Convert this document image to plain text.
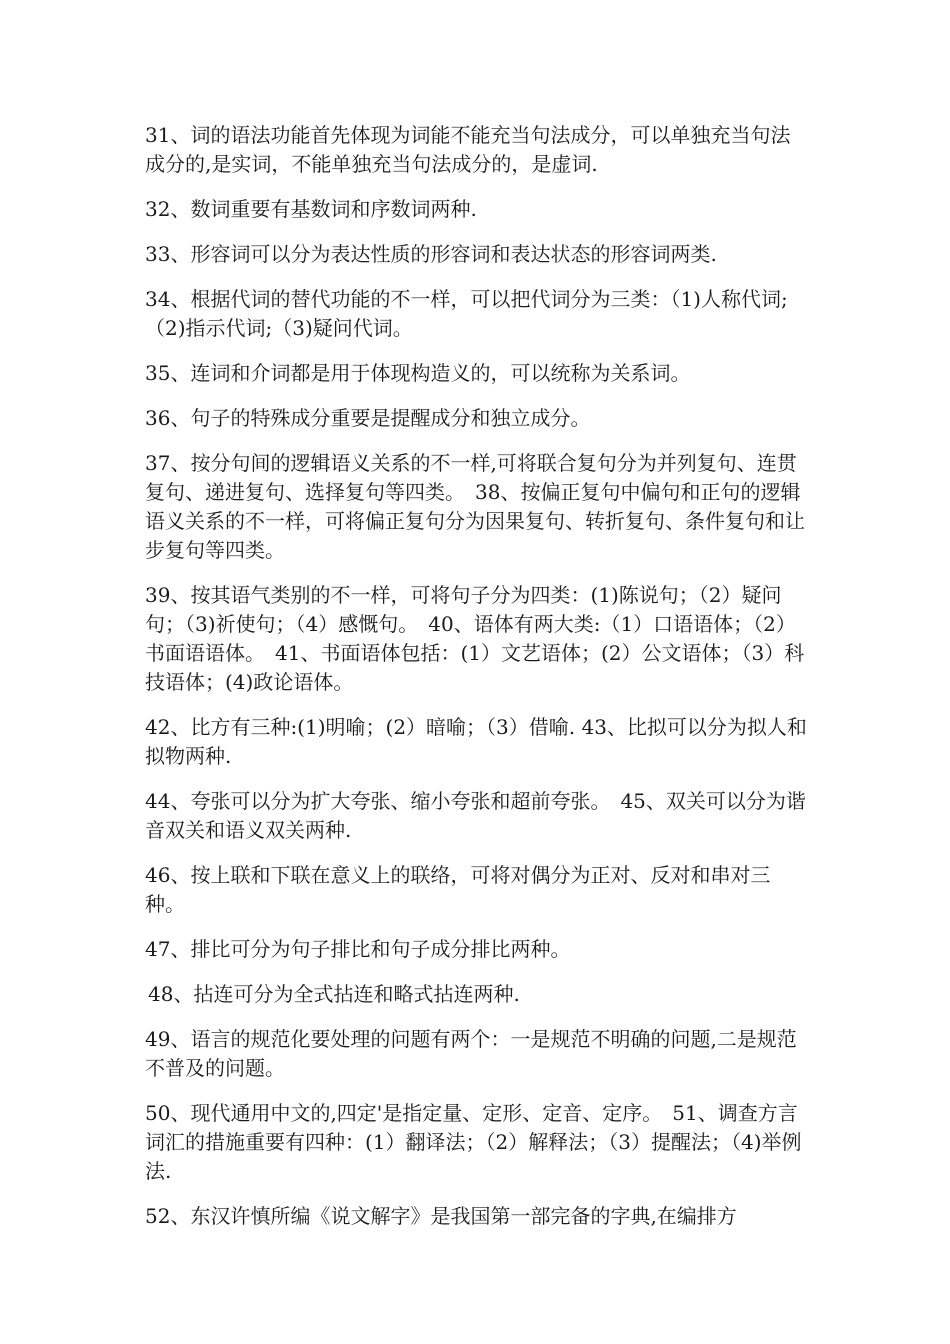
31、词的语法功能首先体现为词能不能充当句法成分，可以单独充当句法成分的,是实词，不能单独充当句法成分的，是虚词.

32、数词重要有基数词和序数词两种.

33、形容词可以分为表达性质的形容词和表达状态的形容词两类.

34、根据代词的替代功能的不一样，可以把代词分为三类：（1)人称代词;（2)指示代词;（3)疑问代词。

35、连词和介词都是用于体现构造义的，可以统称为关系词。

36、句子的特殊成分重要是提醒成分和独立成分。

37、按分句间的逻辑语义关系的不一样,可将联合复句分为并列复句、连贯复句、递进复句、选择复句等四类。　38、按偏正复句中偏句和正句的逻辑语义关系的不一样，可将偏正复句分为因果复句、转折复句、条件复句和让步复句等四类。

39、按其语气类别的不一样，可将句子分为四类：(1)陈说句；（2）疑问句；（3)祈使句；（4）感慨句。　40、语体有两大类:（1）口语语体；（2）书面语语体。　41、书面语体包括：(1）文艺语体；(2）公文语体；（3）科技语体；(4)政论语体。

42、比方有三种:(1)明喻；(2）暗喻；（3）借喻. 43、比拟可以分为拟人和拟物两种.

44、夸张可以分为扩大夸张、缩小夸张和超前夸张。　45、双关可以分为谐音双关和语义双关两种.

46、按上联和下联在意义上的联络，可将对偶分为正对、反对和串对三种。

47、排比可分为句子排比和句子成分排比两种。

48、拈连可分为全式拈连和略式拈连两种.

49、语言的规范化要处理的问题有两个：一是规范不明确的问题,二是规范不普及的问题。

50、现代通用中文的,四定'是指定量、定形、定音、定序。　51、调查方言词汇的措施重要有四种：(1）翻译法；（2）解释法；（3）提醒法；（4)举例法.

52、东汉许慎所编《说文解字》是我国第一部完备的字典,在编排方
